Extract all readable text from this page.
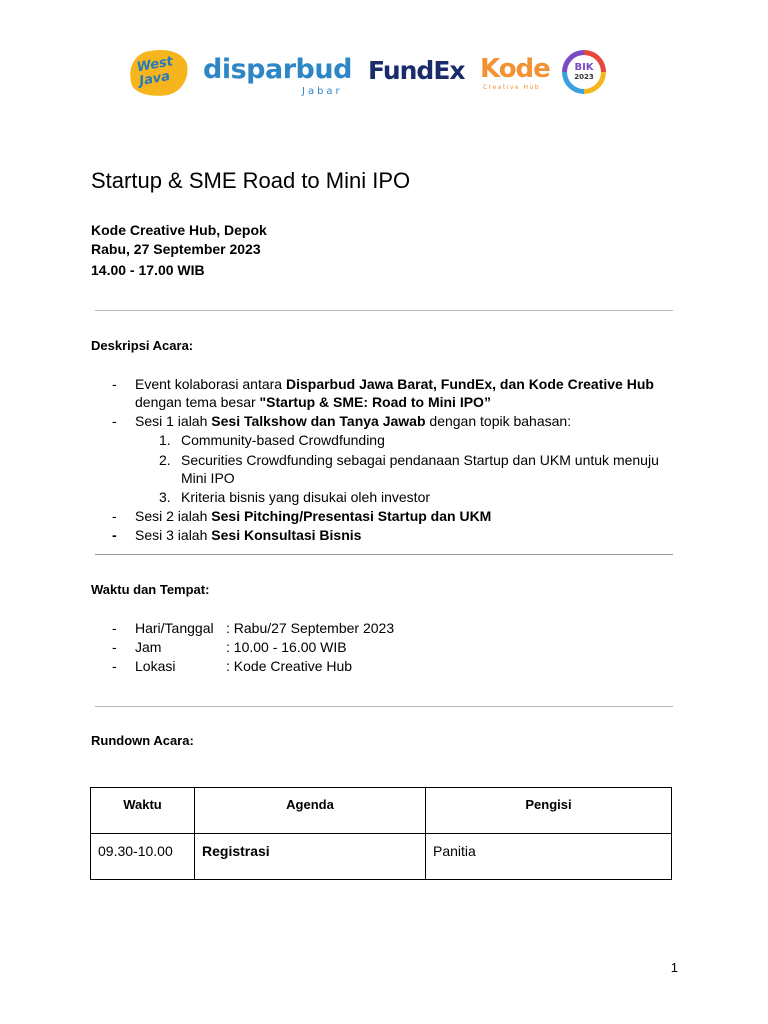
West Java	disparbud
Jabar
FundEx Kode
Creative Hub
BIK
2023
Startup & SME Road to Mini IPO
Kode Creative Hub, Depok
Rabu, 27 September 2023
14.00 - 17.00 WIB
Deskripsi Acara:
- Event kolaborasi antara Disparbud Jawa Barat, FundEx, dan Kode Creative Hub
dengan tema besar "Startup & SME: Road to Mini IPO”
- Sesi 1 ialah Sesi Talkshow dan Tanya Jawab dengan topik bahasan:
1. Community-based Crowdfunding
2. Securities Crowdfunding sebagai pendanaan Startup dan UKM untuk menuju
Mini IPO
3. Kriteria bisnis yang disukai oleh investor
- Sesi 2 ialah Sesi Pitching/Presentasi Startup dan UKM
- Sesi 3 ialah Sesi Konsultasi Bisnis
Waktu dan Tempat:
- Hari/Tanggal : Rabu/27 September 2023
- Jam	: 10.00 - 16.00 WIB
- Lokasi	: Kode Creative Hub
Rundown Acara:
Waktu	Agenda	Pengisi
09.30-10.00	Registrasi	Panitia
1
